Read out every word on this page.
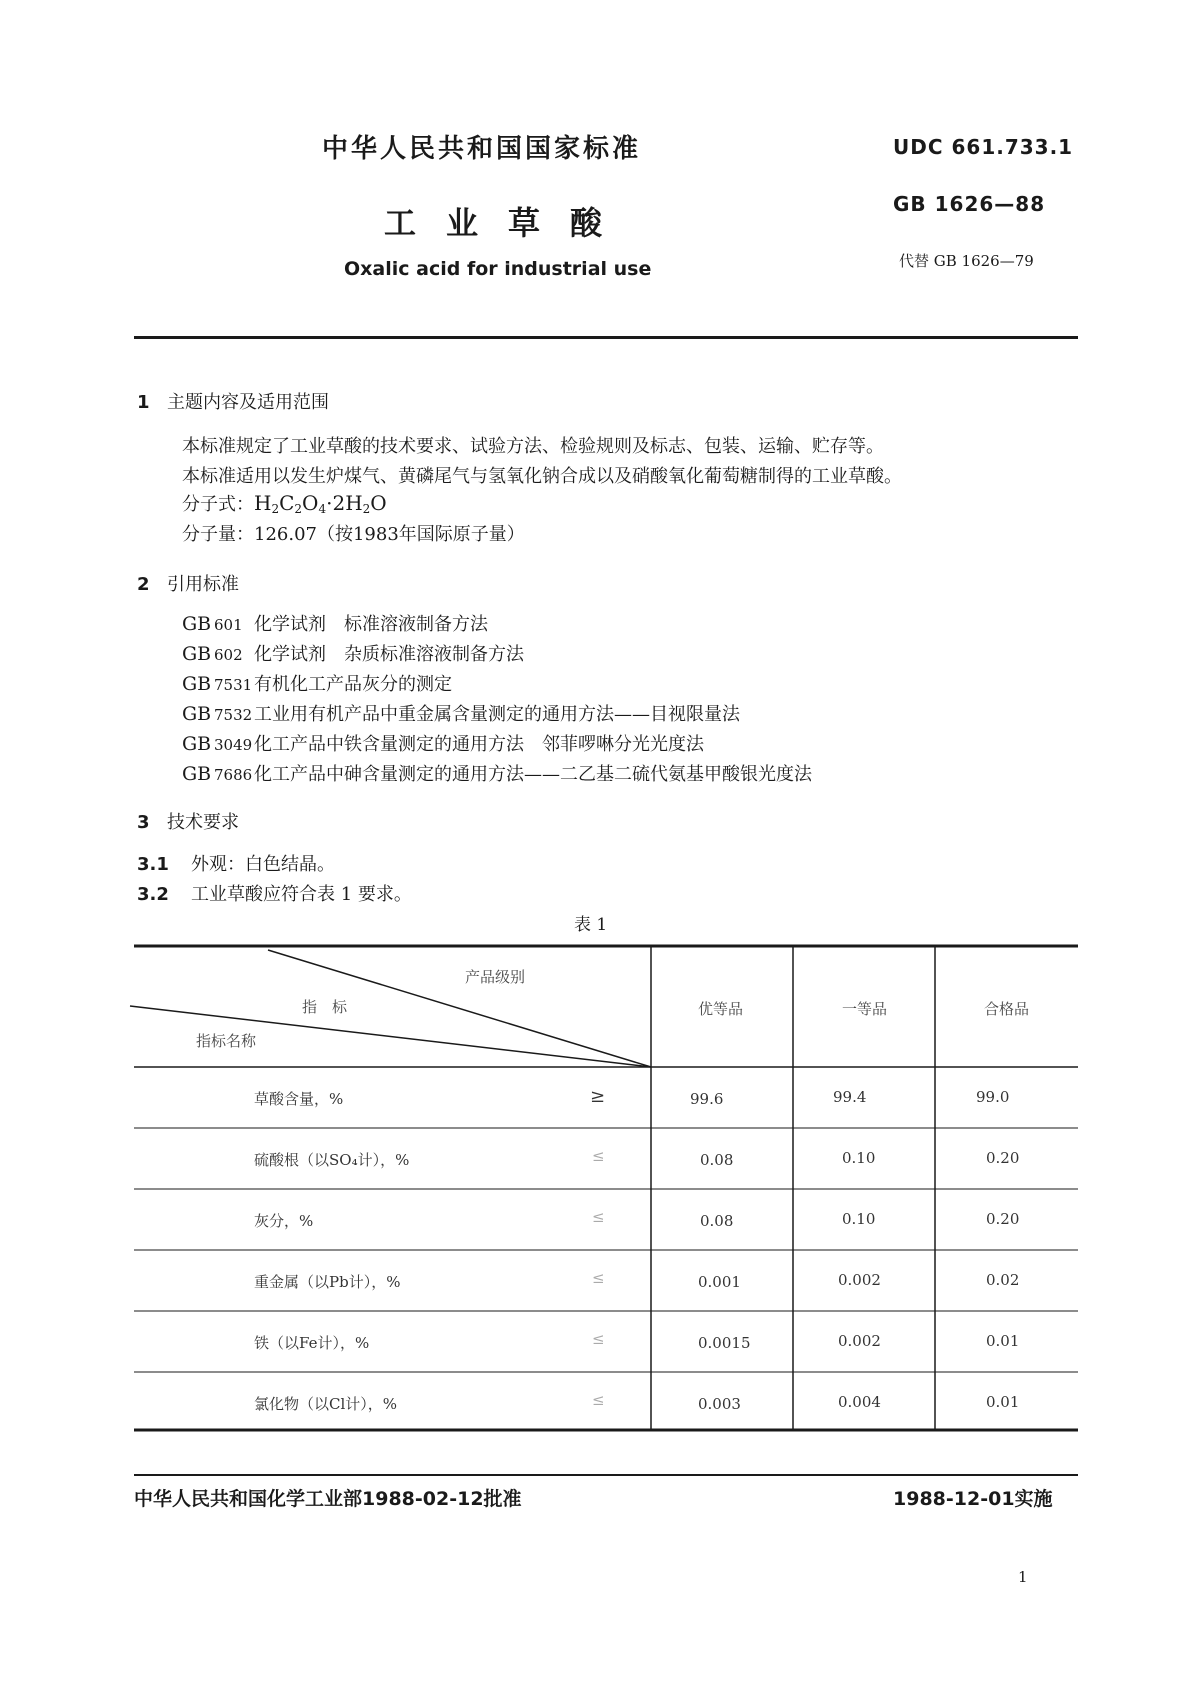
中华人民共和国国家标准
工业草酸
Oxalic acid for industrial use
UDC 661.733.1
GB 1626—88
代替 GB 1626—79
1 主题内容及适用范围
本标准规定了工业草酸的技术要求、试验方法、检验规则及标志、包装、运输、贮存等。
本标准适用以发生炉煤气、黄磷尾气与氢氧化钠合成以及硝酸氧化葡萄糖制得的工业草酸。
分子式：$H_2C_2O_4\cdot 2H_2O$
分子量：126.07（按1983年国际原子量）
2 引用标准
GB 601 化学试剂　标准溶液制备方法
GB 602 化学试剂　杂质标准溶液制备方法
GB 7531 有机化工产品灰分的测定
GB 7532 工业用有机产品中重金属含量测定的通用方法——目视限量法
GB 3049 化工产品中铁含量测定的通用方法　邻菲啰啉分光光度法
GB 7686 化工产品中砷含量测定的通用方法——二乙基二硫代氨基甲酸银光度法
3 技术要求
3.1 外观：白色结晶。
3.2 工业草酸应符合表 1 要求。
表 1
产品级别
指　标
指标名称
优等品	一等品	合格品
草酸含量，%	≥	99.6	99.4	99.0
硫酸根（以SO₄计），%	≤	0.08	0.10	0.20
灰分，%	≤	0.08	0.10	0.20
重金属（以Pb计），%	≤	0.001	0.002	0.02
铁（以Fe计），%	≤	0.0015	0.002	0.01
氯化物（以Cl计），%	≤	0.003	0.004	0.01
中华人民共和国化学工业部1988-02-12批准	1988-12-01实施
1
